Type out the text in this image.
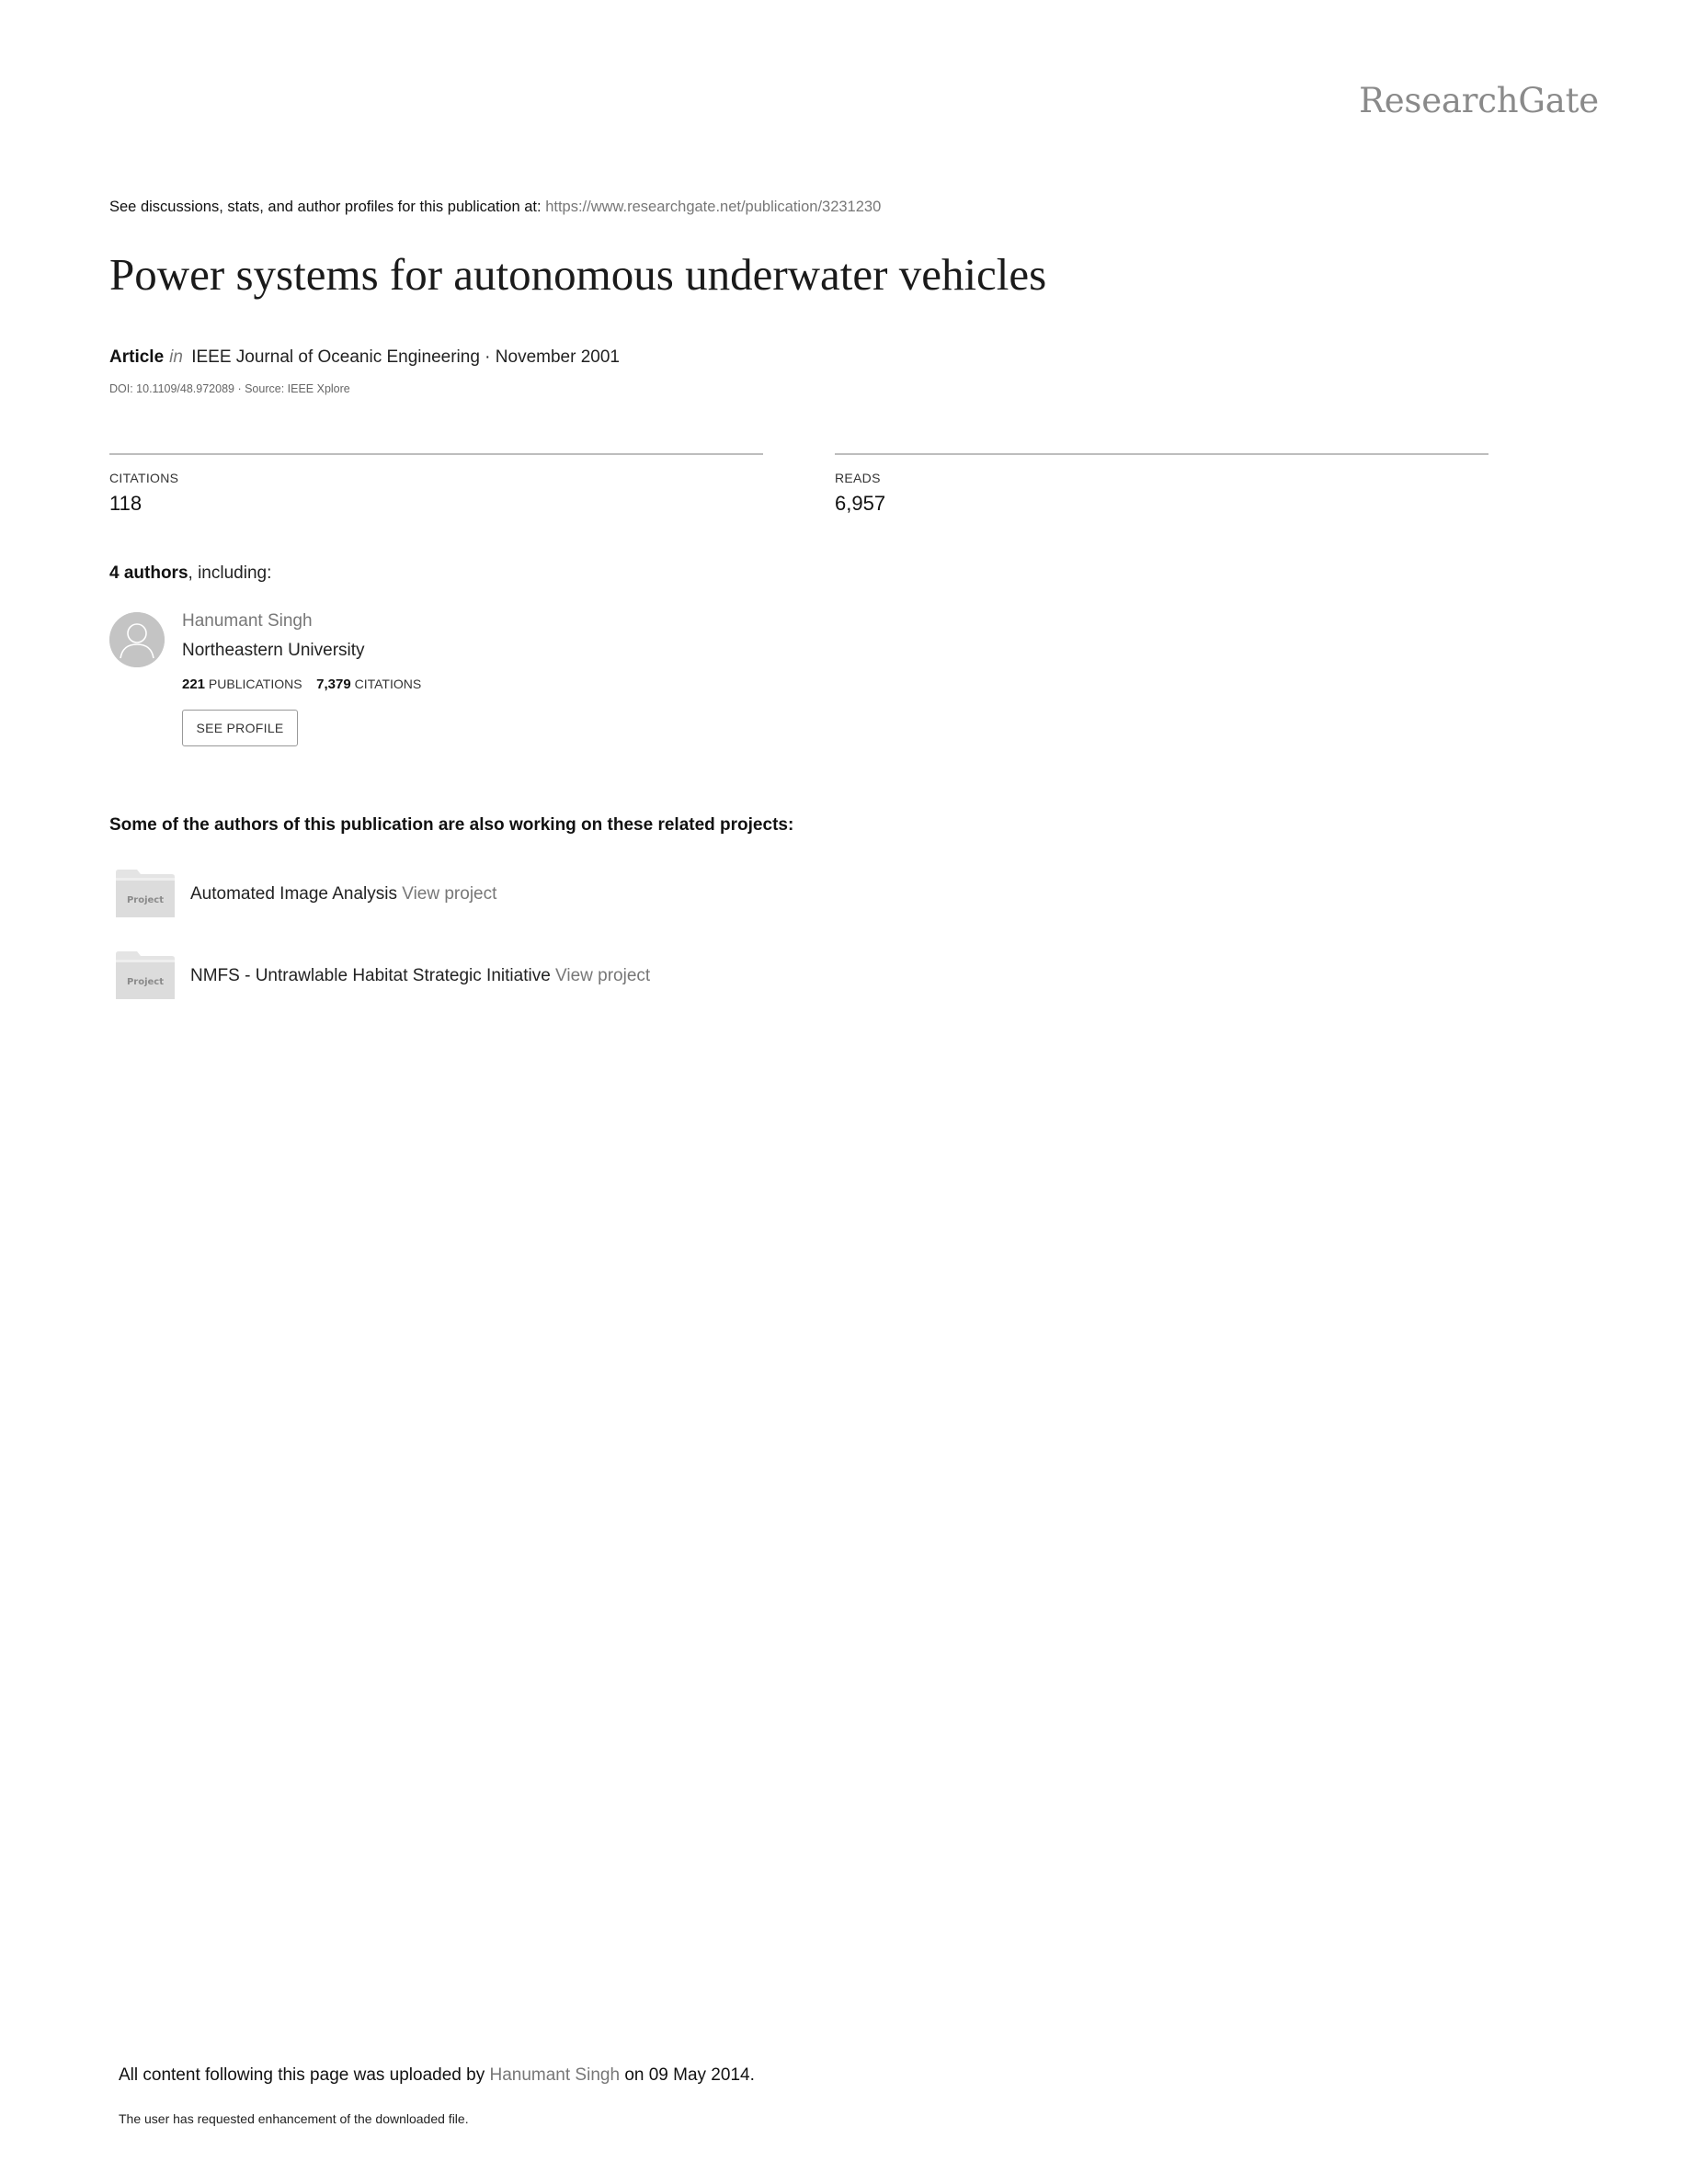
ResearchGate
See discussions, stats, and author profiles for this publication at: https://www.researchgate.net/publication/3231230
Power systems for autonomous underwater vehicles
Article in IEEE Journal of Oceanic Engineering · November 2001
DOI: 10.1109/48.972089 · Source: IEEE Xplore
CITATIONS
118
READS
6,957
4 authors, including:
Hanumant Singh
Northeastern University
221 PUBLICATIONS 7,379 CITATIONS
SEE PROFILE
Some of the authors of this publication are also working on these related projects:
Project Automated Image Analysis View project
Project NMFS - Untrawlable Habitat Strategic Initiative View project
All content following this page was uploaded by Hanumant Singh on 09 May 2014.
The user has requested enhancement of the downloaded file.
